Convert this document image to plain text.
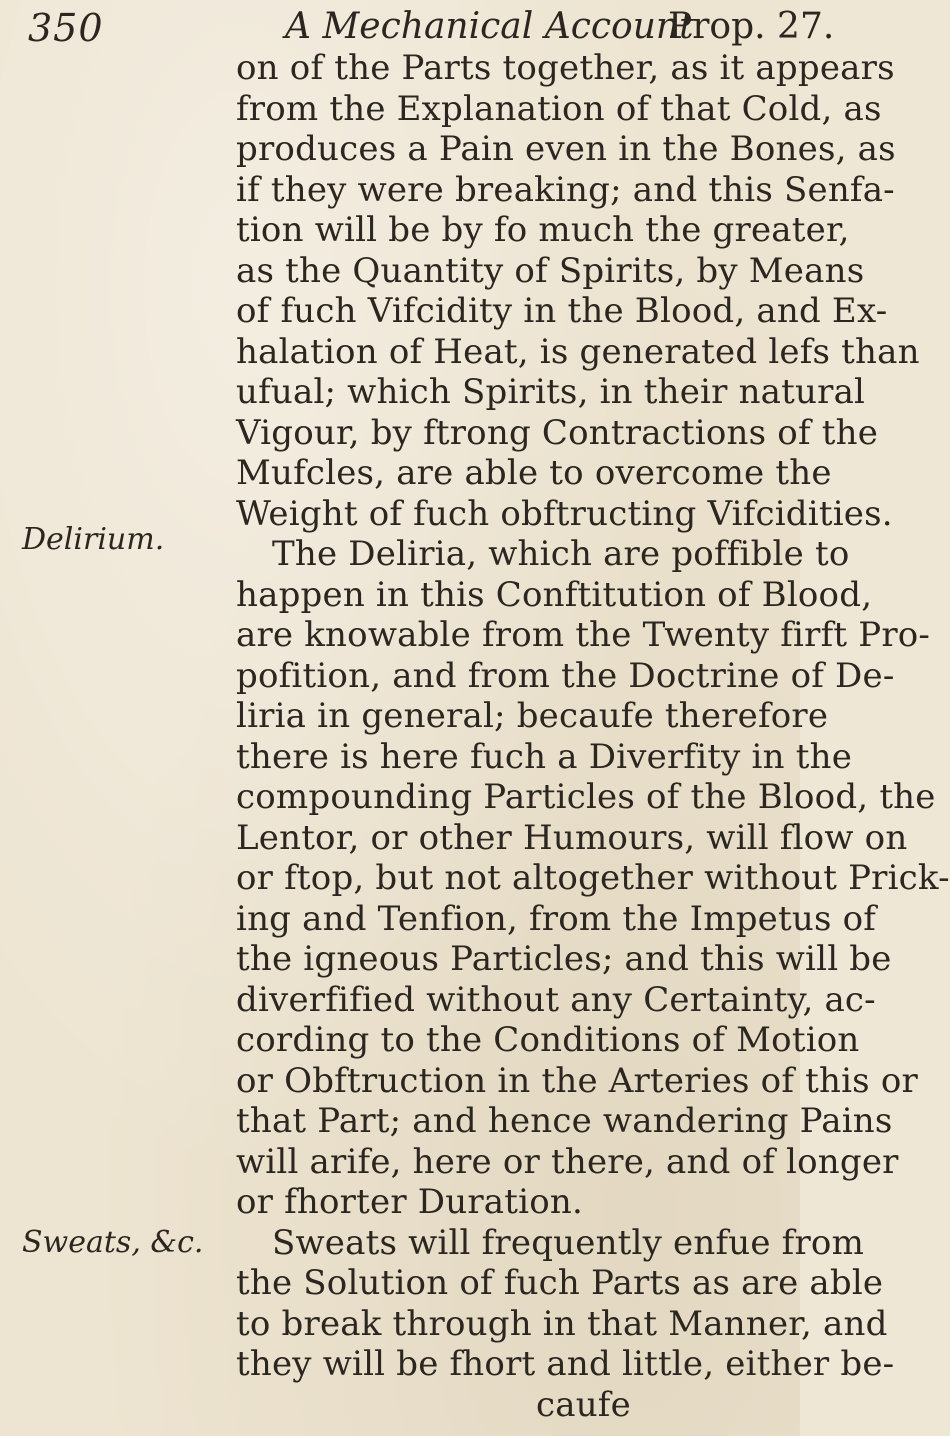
350	A Mechanical Account
Prop. 27.
Delirium.
Sweats, &c.
on of the Parts together, as it appears
from the Explanation of that Cold, as
produces a Pain even in the Bones, as
if they were breaking; and this Senfa-
tion will be by fo much the greater,
as the Quantity of Spirits, by Means
of fuch Vifcidity in the Blood, and Ex-
halation of Heat, is generated lefs than
ufual; which Spirits, in their natural
Vigour, by ftrong Contractions of the
Mufcles, are able to overcome the
Weight of fuch obftructing Vifcidities.
The Deliria, which are poffible to
happen in this Conftitution of Blood,
are knowable from the Twenty firft Pro-
pofition, and from the Doctrine of De-
liria in general; becaufe therefore
there is here fuch a Diverfity in the
compounding Particles of the Blood, the
Lentor, or other Humours, will flow on
or ftop, but not altogether without Prick-
ing and Tenfion, from the Impetus of
the igneous Particles; and this will be
diverfified without any Certainty, ac-
cording to the Conditions of Motion
or Obftruction in the Arteries of this or
that Part; and hence wandering Pains
will arife, here or there, and of longer
or fhorter Duration.
Sweats will frequently enfue from
the Solution of fuch Parts as are able
to break through in that Manner, and
they will be fhort and little, either be-
caufe
